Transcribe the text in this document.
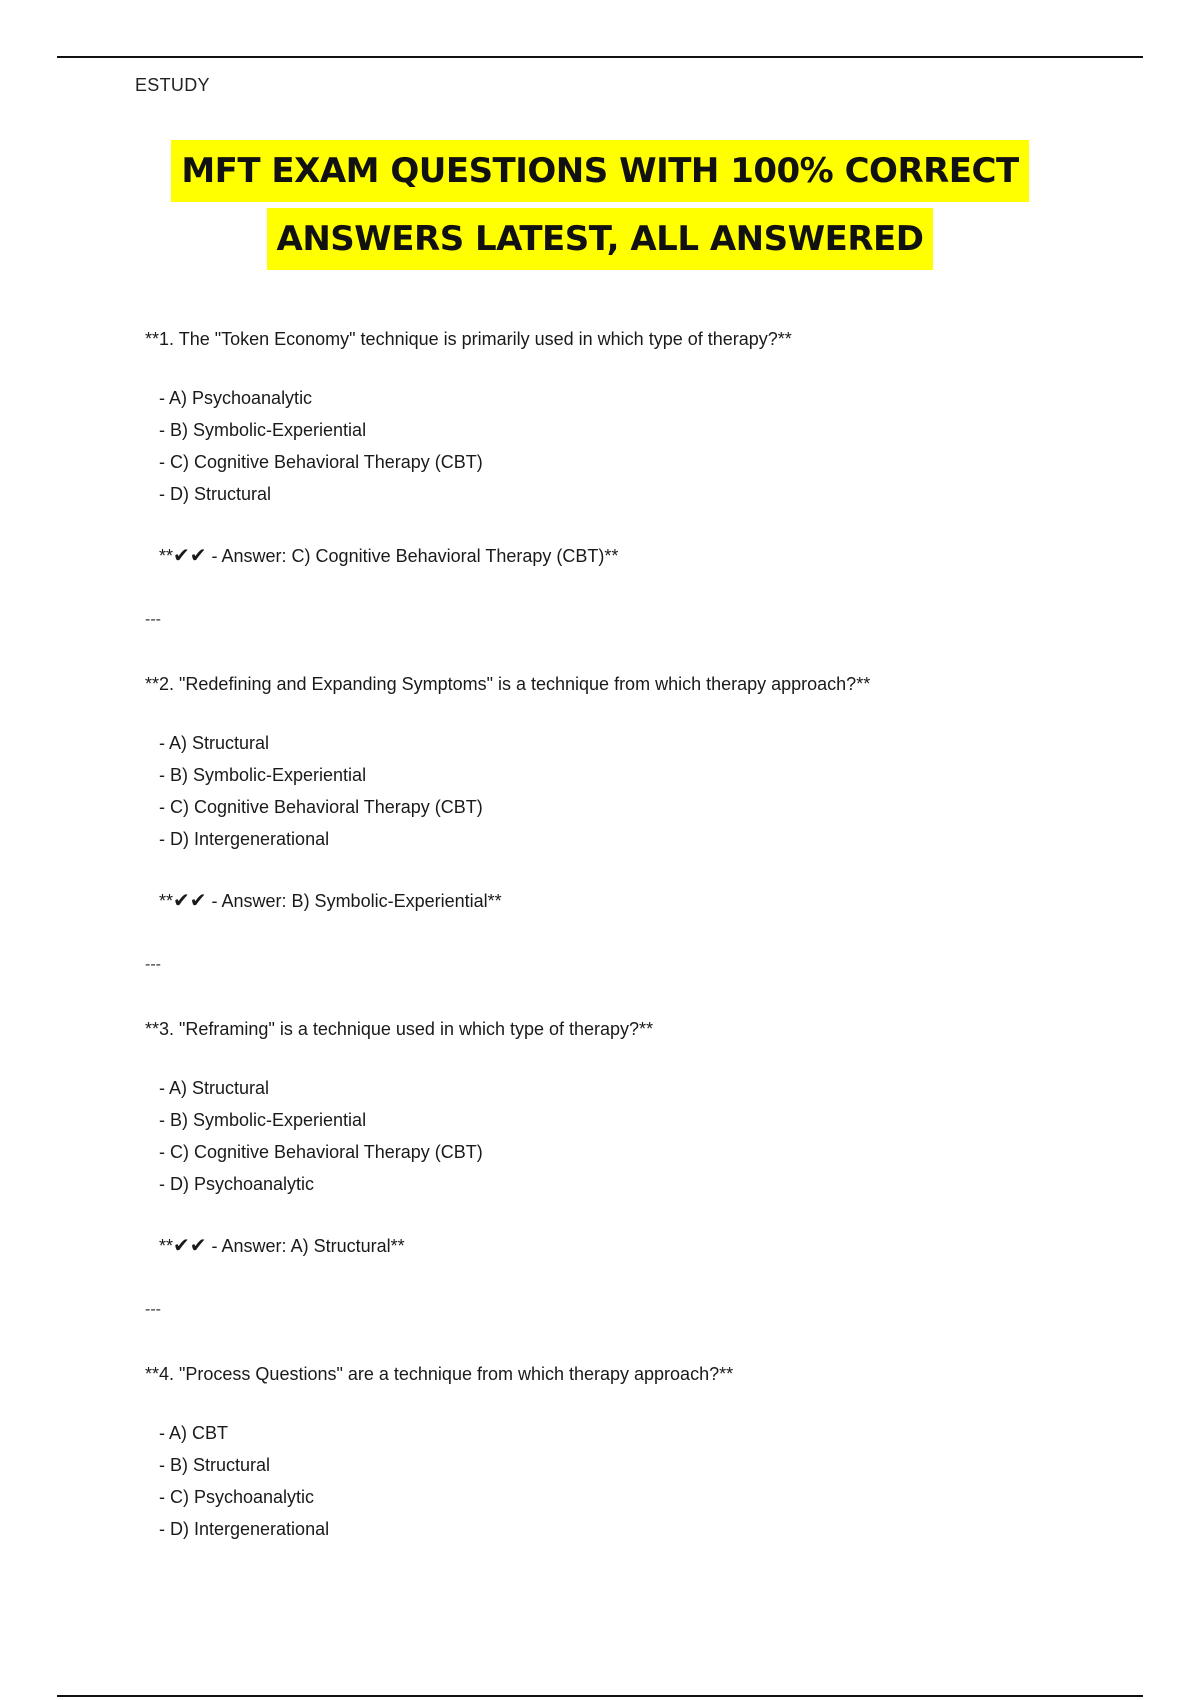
ESTUDY
MFT EXAM QUESTIONS WITH 100% CORRECT
ANSWERS LATEST, ALL ANSWERED

**1. The "Token Economy" technique is primarily used in which type of therapy?**

- A) Psychoanalytic
- B) Symbolic-Experiential
- C) Cognitive Behavioral Therapy (CBT)
- D) Structural

**✔✔ - Answer: C) Cognitive Behavioral Therapy (CBT)**

---

**2. "Redefining and Expanding Symptoms" is a technique from which therapy approach?**

- A) Structural
- B) Symbolic-Experiential
- C) Cognitive Behavioral Therapy (CBT)
- D) Intergenerational

**✔✔ - Answer: B) Symbolic-Experiential**

---

**3. "Reframing" is a technique used in which type of therapy?**

- A) Structural
- B) Symbolic-Experiential
- C) Cognitive Behavioral Therapy (CBT)
- D) Psychoanalytic

**✔✔ - Answer: A) Structural**

---

**4. "Process Questions" are a technique from which therapy approach?**

- A) CBT
- B) Structural
- C) Psychoanalytic
- D) Intergenerational
